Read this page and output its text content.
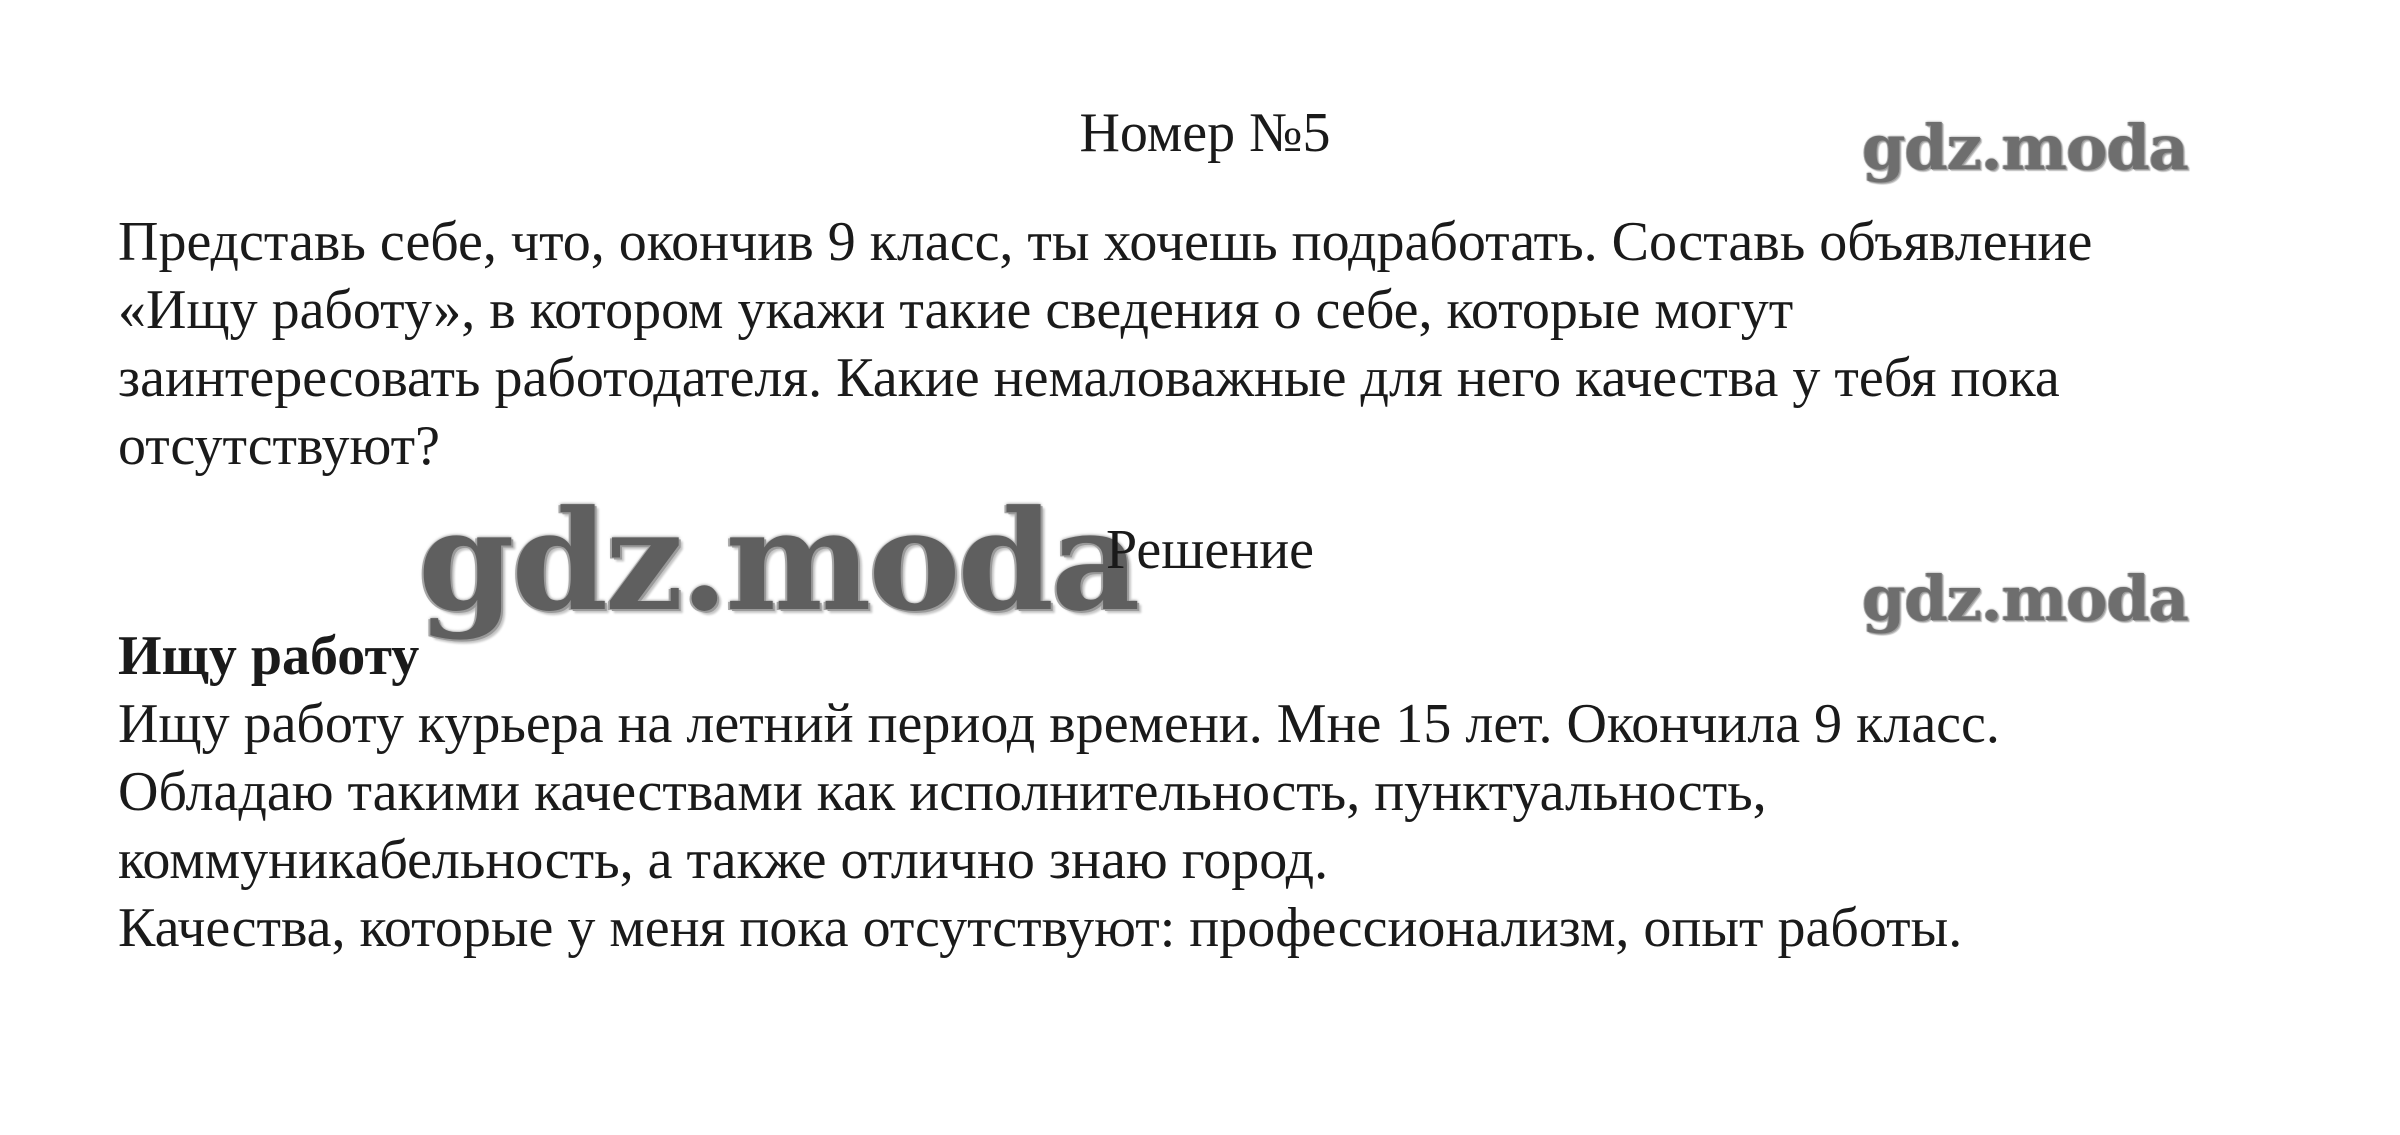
Номер №5	gdz.moda

Представь себе, что, окончив 9 класс, ты хочешь подработать. Составь объявление
«Ищу работу», в котором укажи такие сведения о себе, которые могут
заинтересовать работодателя. Какие немаловажные для него качества у тебя пока
отсутствуют?

gdz.moda
Решение
gdz.moda
Ищу работу

Ищу работу курьера на летний период времени. Мне 15 лет. Окончила 9 класс.
Обладаю такими качествами как исполнительность, пунктуальность,
коммуникабельность, а также отлично знаю город.
Качества, которые у меня пока отсутствуют: профессионализм, опыт работы.
